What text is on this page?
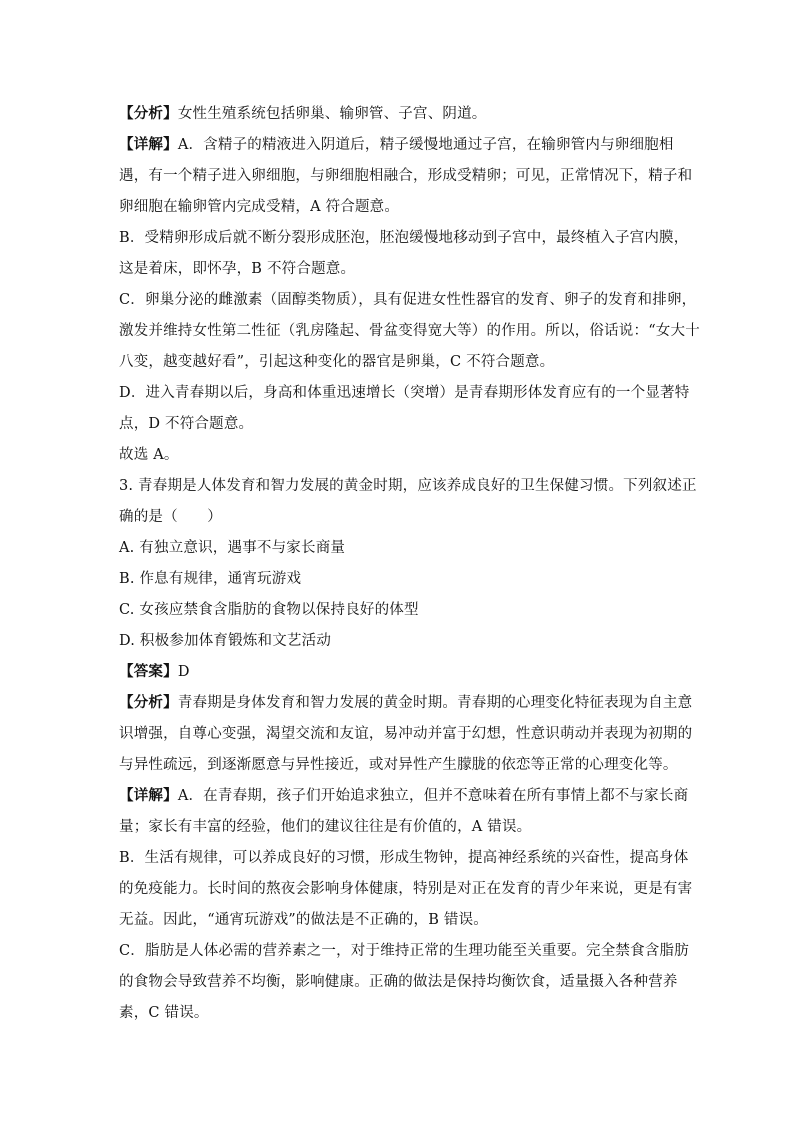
【分析】女性生殖系统包括卵巢、输卵管、子宫、阴道。
【详解】A．含精子的精液进入阴道后，精子缓慢地通过子宫，在输卵管内与卵细胞相
遇，有一个精子进入卵细胞，与卵细胞相融合，形成受精卵；可见，正常情况下，精子和
卵细胞在输卵管内完成受精，A 符合题意。
B．受精卵形成后就不断分裂形成胚泡，胚泡缓慢地移动到子宫中，最终植入子宫内膜，
这是着床，即怀孕，B 不符合题意。
C．卵巢分泌的雌激素（固醇类物质），具有促进女性性器官的发育、卵子的发育和排卵，
激发并维持女性第二性征（乳房隆起、骨盆变得宽大等）的作用。所以，俗话说：“女大十
八变，越变越好看”，引起这种变化的器官是卵巢，C 不符合题意。
D．进入青春期以后，身高和体重迅速增长（突增）是青春期形体发育应有的一个显著特
点，D 不符合题意。
故选 A。
3. 青春期是人体发育和智力发展的黄金时期，应该养成良好的卫生保健习惯。下列叙述正
确的是（　　）
A. 有独立意识，遇事不与家长商量
B. 作息有规律，通宵玩游戏
C. 女孩应禁食含脂肪的食物以保持良好的体型
D. 积极参加体育锻炼和文艺活动
【答案】D
【分析】青春期是身体发育和智力发展的黄金时期。青春期的心理变化特征表现为自主意
识增强，自尊心变强，渴望交流和友谊，易冲动并富于幻想，性意识萌动并表现为初期的
与异性疏远，到逐渐愿意与异性接近，或对异性产生朦胧的依恋等正常的心理变化等。
【详解】A．在青春期，孩子们开始追求独立，但并不意味着在所有事情上都不与家长商
量；家长有丰富的经验，他们的建议往往是有价值的，A 错误。
B．生活有规律，可以养成良好的习惯，形成生物钟，提高神经系统的兴奋性，提高身体
的免疫能力。长时间的熬夜会影响身体健康，特别是对正在发育的青少年来说，更是有害
无益。因此，“通宵玩游戏”的做法是不正确的，B 错误。
C．脂肪是人体必需的营养素之一，对于维持正常的生理功能至关重要。完全禁食含脂肪
的食物会导致营养不均衡，影响健康。正确的做法是保持均衡饮食，适量摄入各种营养
素，C 错误。
